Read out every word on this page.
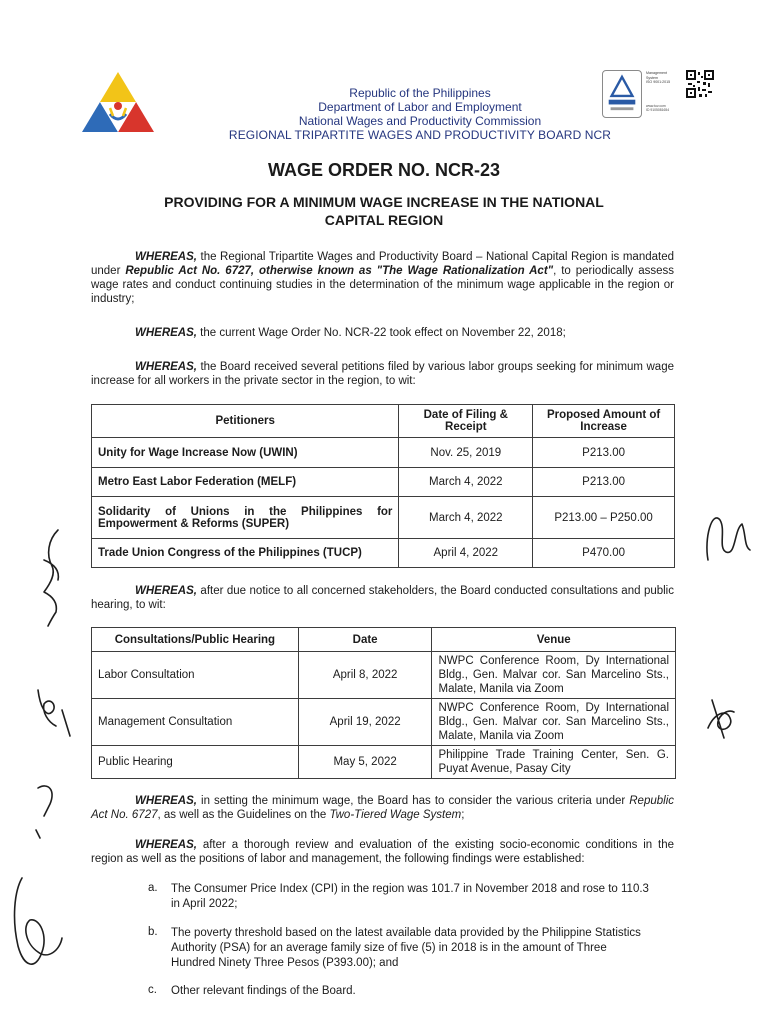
Republic of the Philippines
Department of Labor and Employment
National Wages and Productivity Commission
REGIONAL TRIPARTITE WAGES AND PRODUCTIVITY BOARD NCR
Management
System
ISO 9001:2015
www.tuv.com
ID 9105081654
WAGE ORDER NO. NCR-23
PROVIDING FOR A MINIMUM WAGE INCREASE IN THE NATIONAL CAPITAL REGION
WHEREAS, the Regional Tripartite Wages and Productivity Board – National Capital Region is mandated under Republic Act No. 6727, otherwise known as "The Wage Rationalization Act", to periodically assess wage rates and conduct continuing studies in the determination of the minimum wage applicable in the region or industry;
WHEREAS, the current Wage Order No. NCR-22 took effect on November 22, 2018;
WHEREAS, the Board received several petitions filed by various labor groups seeking for minimum wage increase for all workers in the private sector in the region, to wit:
Petitioners	Date of Filing & Receipt	Proposed Amount of Increase
Unity for Wage Increase Now (UWIN)	Nov. 25, 2019	P213.00
Metro East Labor Federation (MELF)	March 4, 2022	P213.00
Solidarity of Unions in the Philippines for Empowerment & Reforms (SUPER)	March 4, 2022	P213.00 – P250.00
Trade Union Congress of the Philippines (TUCP)	April 4, 2022	P470.00
WHEREAS, after due notice to all concerned stakeholders, the Board conducted consultations and public hearing, to wit:
Consultations/Public Hearing	Date	Venue
Labor Consultation	April 8, 2022	NWPC Conference Room, Dy International Bldg., Gen. Malvar cor. San Marcelino Sts., Malate, Manila via Zoom
Management Consultation	April 19, 2022	NWPC Conference Room, Dy International Bldg., Gen. Malvar cor. San Marcelino Sts., Malate, Manila via Zoom
Public Hearing	May 5, 2022	Philippine Trade Training Center, Sen. G. Puyat Avenue, Pasay City
WHEREAS, in setting the minimum wage, the Board has to consider the various criteria under Republic Act No. 6727, as well as the Guidelines on the Two-Tiered Wage System;
WHEREAS, after a thorough review and evaluation of the existing socio-economic conditions in the region as well as the positions of labor and management, the following findings were established:
a. The Consumer Price Index (CPI) in the region was 101.7 in November 2018 and rose to 110.3 in April 2022;
b. The poverty threshold based on the latest available data provided by the Philippine Statistics Authority (PSA) for an average family size of five (5) in 2018 is in the amount of Three Hundred Ninety Three Pesos (P393.00); and
c. Other relevant findings of the Board.
